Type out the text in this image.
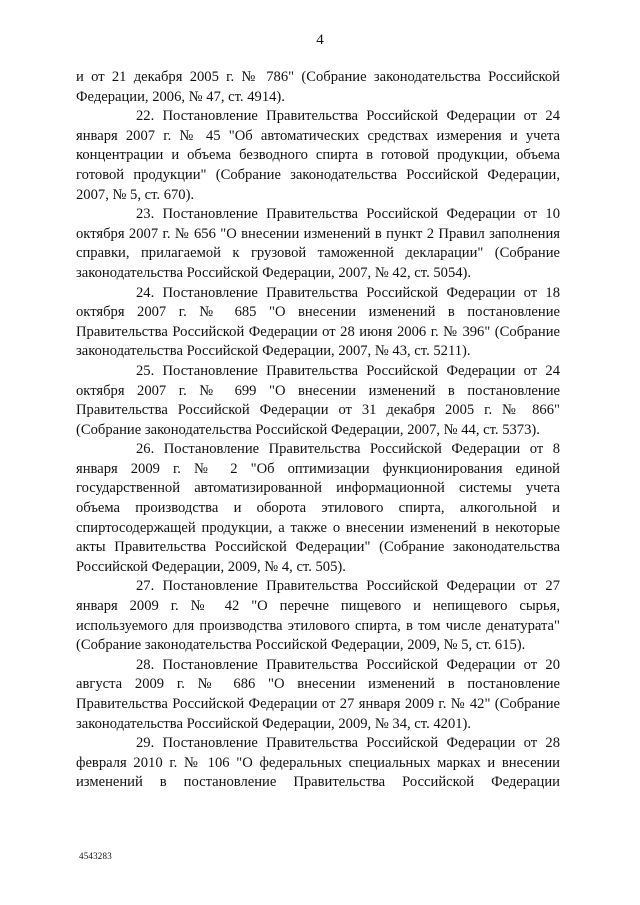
4

и от 21 декабря 2005 г. № 786" (Собрание законодательства Российской Федерации, 2006, № 47, ст. 4914).

22. Постановление Правительства Российской Федерации от 24 января 2007 г. № 45 "Об автоматических средствах измерения и учета концентрации и объема безводного спирта в готовой продукции, объема готовой продукции" (Собрание законодательства Российской Федерации, 2007, № 5, ст. 670).

23. Постановление Правительства Российской Федерации от 10 октября 2007 г. № 656 "О внесении изменений в пункт 2 Правил заполнения справки, прилагаемой к грузовой таможенной декларации" (Собрание законодательства Российской Федерации, 2007, № 42, ст. 5054).

24. Постановление Правительства Российской Федерации от 18 октября 2007 г. № 685 "О внесении изменений в постановление Правительства Российской Федерации от 28 июня 2006 г. № 396" (Собрание законодательства Российской Федерации, 2007, № 43, ст. 5211).

25. Постановление Правительства Российской Федерации от 24 октября 2007 г. № 699 "О внесении изменений в постановление Правительства Российской Федерации от 31 декабря 2005 г. № 866" (Собрание законодательства Российской Федерации, 2007, № 44, ст. 5373).

26. Постановление Правительства Российской Федерации от 8 января 2009 г. № 2 "Об оптимизации функционирования единой государственной автоматизированной информационной системы учета объема производства и оборота этилового спирта, алкогольной и спиртосодержащей продукции, а также о внесении изменений в некоторые акты Правительства Российской Федерации" (Собрание законодательства Российской Федерации, 2009, № 4, ст. 505).

27. Постановление Правительства Российской Федерации от 27 января 2009 г. № 42 "О перечне пищевого и непищевого сырья, используемого для производства этилового спирта, в том числе денатурата" (Собрание законодательства Российской Федерации, 2009, № 5, ст. 615).

28. Постановление Правительства Российской Федерации от 20 августа 2009 г. № 686 "О внесении изменений в постановление Правительства Российской Федерации от 27 января 2009 г. № 42" (Собрание законодательства Российской Федерации, 2009, № 34, ст. 4201).

29. Постановление Правительства Российской Федерации от 28 февраля 2010 г. № 106 "О федеральных специальных марках и внесении изменений в постановление Правительства Российской Федерации

4543283
